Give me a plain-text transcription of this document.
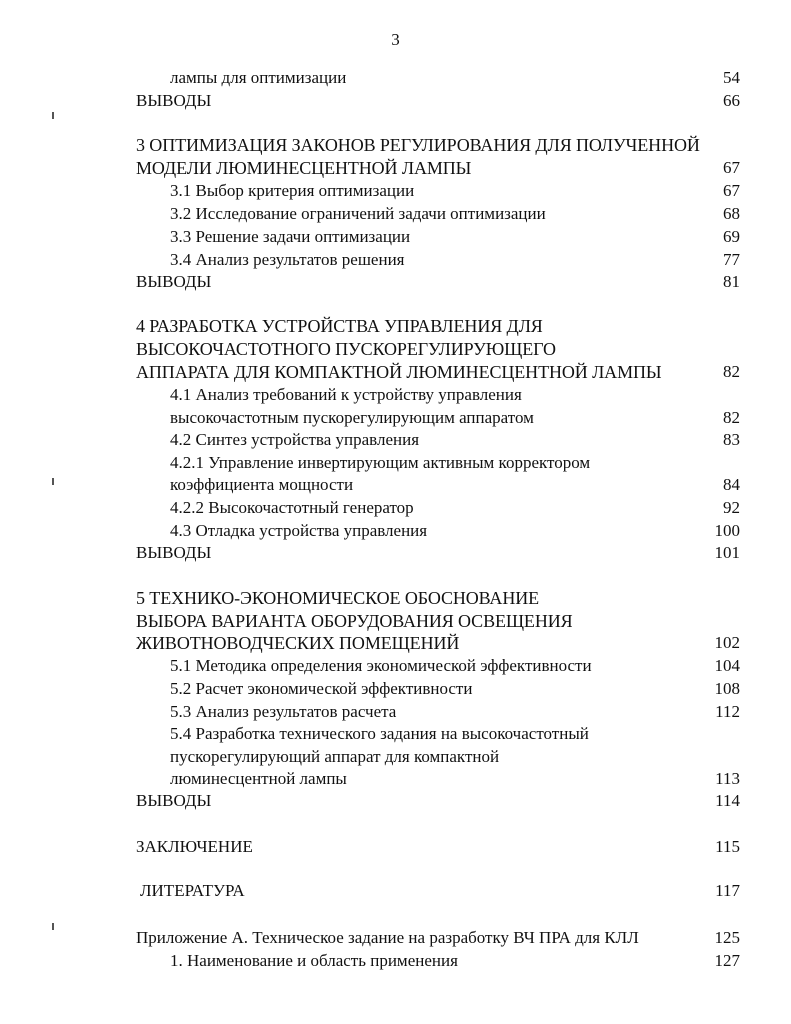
3
лампы для оптимизации	54
ВЫВОДЫ	66
3 ОПТИМИЗАЦИЯ ЗАКОНОВ РЕГУЛИРОВАНИЯ ДЛЯ ПОЛУЧЕННОЙ
МОДЕЛИ ЛЮМИНЕСЦЕНТНОЙ ЛАМПЫ	67
3.1 Выбор критерия оптимизации	67
3.2 Исследование ограничений задачи оптимизации	68
3.3 Решение задачи оптимизации	69
3.4 Анализ результатов решения	77
ВЫВОДЫ	81
4 РАЗРАБОТКА УСТРОЙСТВА УПРАВЛЕНИЯ ДЛЯ
ВЫСОКОЧАСТОТНОГО ПУСКОРЕГУЛИРУЮЩЕГО
АППАРАТА ДЛЯ КОМПАКТНОЙ ЛЮМИНЕСЦЕНТНОЙ ЛАМПЫ	82
4.1 Анализ требований к устройству управления
высокочастотным пускорегулирующим аппаратом	82
4.2 Синтез устройства управления	83
4.2.1 Управление инвертирующим активным корректором
коэффициента мощности	84
4.2.2 Высокочастотный генератор	92
4.3 Отладка устройства управления	100
ВЫВОДЫ	101
5 ТЕХНИКО-ЭКОНОМИЧЕСКОЕ ОБОСНОВАНИЕ
ВЫБОРА ВАРИАНТА ОБОРУДОВАНИЯ ОСВЕЩЕНИЯ
ЖИВОТНОВОДЧЕСКИХ ПОМЕЩЕНИЙ	102
5.1 Методика определения экономической эффективности	104
5.2 Расчет экономической эффективности	108
5.3 Анализ результатов расчета	112
5.4 Разработка технического задания на высокочастотный
пускорегулирующий аппарат для компактной
люминесцентной лампы	113
ВЫВОДЫ	114
ЗАКЛЮЧЕНИЕ	115
ЛИТЕРАТУРА	117
Приложение А. Техническое задание на разработку ВЧ ПРА для КЛЛ	125
1. Наименование и область применения	127
